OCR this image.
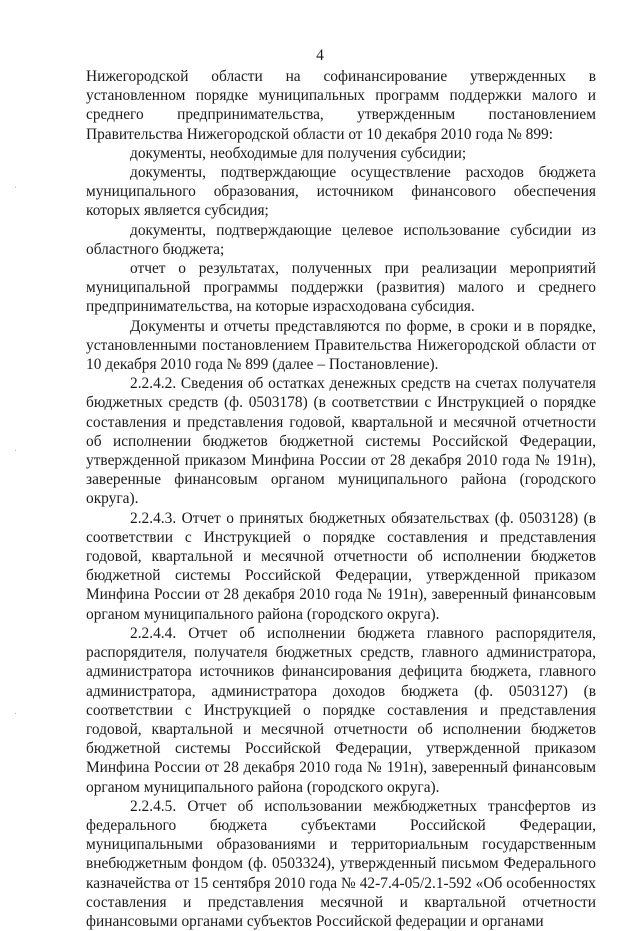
4

Нижегородской области на софинансирование утвержденных в установленном порядке муниципальных программ поддержки малого и среднего предпринимательства, утвержденным постановлением Правительства Нижегородской области от 10 декабря 2010 года № 899:

документы, необходимые для получения субсидии;

документы, подтверждающие осуществление расходов бюджета муниципального образования, источником финансового обеспечения которых является субсидия;

документы, подтверждающие целевое использование субсидии из областного бюджета;

отчет о результатах, полученных при реализации мероприятий муниципальной программы поддержки (развития) малого и среднего предпринимательства, на которые израсходована субсидия.

Документы и отчеты представляются по форме, в сроки и в порядке, установленными постановлением Правительства Нижегородской области от 10 декабря 2010 года № 899 (далее – Постановление).

2.2.4.2. Сведения об остатках денежных средств на счетах получателя бюджетных средств (ф. 0503178) (в соответствии с Инструкцией о порядке составления и представления годовой, квартальной и месячной отчетности об исполнении бюджетов бюджетной системы Российской Федерации, утвержденной приказом Минфина России от 28 декабря 2010 года № 191н), заверенные финансовым органом муниципального района (городского округа).

2.2.4.3. Отчет о принятых бюджетных обязательствах (ф. 0503128) (в соответствии с Инструкцией о порядке составления и представления годовой, квартальной и месячной отчетности об исполнении бюджетов бюджетной системы Российской Федерации, утвержденной приказом Минфина России от 28 декабря 2010 года № 191н), заверенный финансовым органом муниципального района (городского округа).

2.2.4.4. Отчет об исполнении бюджета главного распорядителя, распорядителя, получателя бюджетных средств, главного администратора, администратора источников финансирования дефицита бюджета, главного администратора, администратора доходов бюджета (ф. 0503127) (в соответствии с Инструкцией о порядке составления и представления годовой, квартальной и месячной отчетности об исполнении бюджетов бюджетной системы Российской Федерации, утвержденной приказом Минфина России от 28 декабря 2010 года № 191н), заверенный финансовым органом муниципального района (городского округа).

2.2.4.5. Отчет об использовании межбюджетных трансфертов из федерального бюджета субъектами Российской Федерации, муниципальными образованиями и территориальным государственным внебюджетным фондом (ф. 0503324), утвержденный письмом Федерального казначейства от 15 сентября 2010 года № 42-7.4-05/2.1-592 «Об особенностях составления и представления месячной и квартальной отчетности финансовыми органами субъектов Российской федерации и органами

·
·
·
